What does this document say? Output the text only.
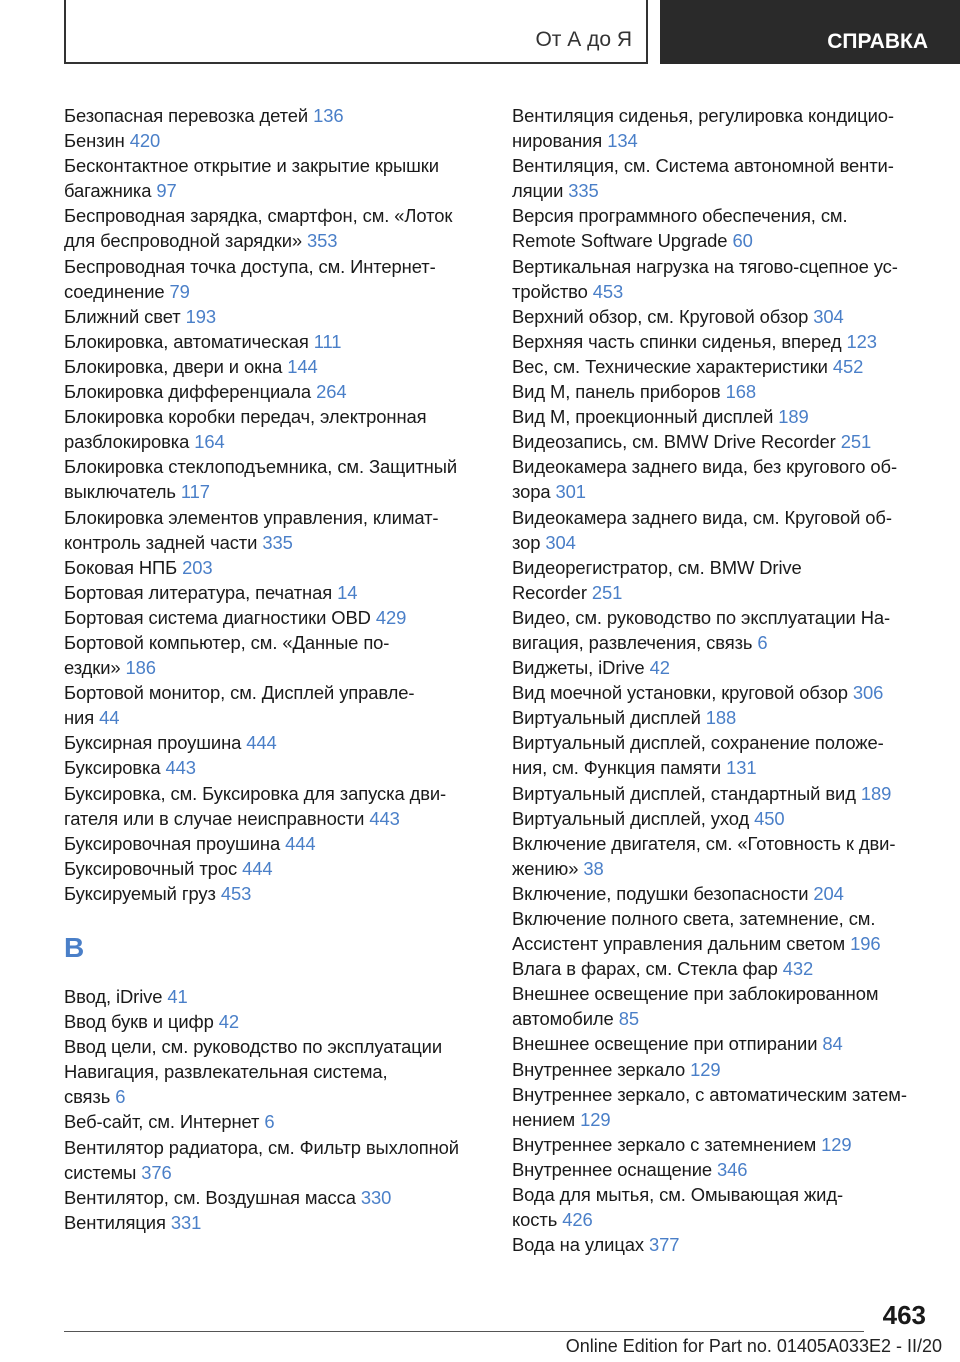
От А до Я	СПРАВКА
Безопасная перевозка детей 136
Бензин 420
Бесконтактное открытие и закрытие крышки
багажника 97
Беспроводная зарядка, смартфон, см. «Лоток
для беспроводной зарядки» 353
Беспроводная точка доступа, см. Интернет-
соединение 79
Ближний свет 193
Блокировка, автоматическая 111
Блокировка, двери и окна 144
Блокировка дифференциала 264
Блокировка коробки передач, электронная
разблокировка 164
Блокировка стеклоподъемника, см. Защитный
выключатель 117
Блокировка элементов управления, климат-
контроль задней части 335
Боковая НПБ 203
Бортовая литература, печатная 14
Бортовая система диагностики OBD 429
Бортовой компьютер, см. «Данные по-
ездки» 186
Бортовой монитор, см. Дисплей управле-
ния 44
Буксирная проушина 444
Буксировка 443
Буксировка, см. Буксировка для запуска дви-
гателя или в случае неисправности 443
Буксировочная проушина 444
Буксировочный трос 444
Буксируемый груз 453
В
Ввод, iDrive 41
Ввод букв и цифр 42
Ввод цели, см. руководство по эксплуатации
Навигация, развлекательная система,
связь 6
Веб-сайт, см. Интернет 6
Вентилятор радиатора, см. Фильтр выхлопной
системы 376
Вентилятор, см. Воздушная масса 330
Вентиляция 331
Вентиляция сиденья, регулировка кондицио-
нирования 134
Вентиляция, см. Система автономной венти-
ляции 335
Версия программного обеспечения, см.
Remote Software Upgrade 60
Вертикальная нагрузка на тягово-сцепное ус-
тройство 453
Верхний обзор, см. Круговой обзор 304
Верхняя часть спинки сиденья, вперед 123
Вес, см. Технические характеристики 452
Вид M, панель приборов 168
Вид M, проекционный дисплей 189
Видеозапись, см. BMW Drive Recorder 251
Видеокамера заднего вида, без кругового об-
зора 301
Видеокамера заднего вида, см. Круговой об-
зор 304
Видеорегистратор, см. BMW Drive
Recorder 251
Видео, см. руководство по эксплуатации На-
вигация, развлечения, связь 6
Виджеты, iDrive 42
Вид моечной установки, круговой обзор 306
Виртуальный дисплей 188
Виртуальный дисплей, сохранение положе-
ния, см. Функция памяти 131
Виртуальный дисплей, стандартный вид 189
Виртуальный дисплей, уход 450
Включение двигателя, см. «Готовность к дви-
жению» 38
Включение, подушки безопасности 204
Включение полного света, затемнение, см.
Ассистент управления дальним светом 196
Влага в фарах, см. Стекла фар 432
Внешнее освещение при заблокированном
автомобиле 85
Внешнее освещение при отпирании 84
Внутреннее зеркало 129
Внутреннее зеркало, с автоматическим затем-
нением 129
Внутреннее зеркало с затемнением 129
Внутреннее оснащение 346
Вода для мытья, см. Омывающая жид-
кость 426
Вода на улицах 377
463
Online Edition for Part no. 01405A033E2 - II/20
